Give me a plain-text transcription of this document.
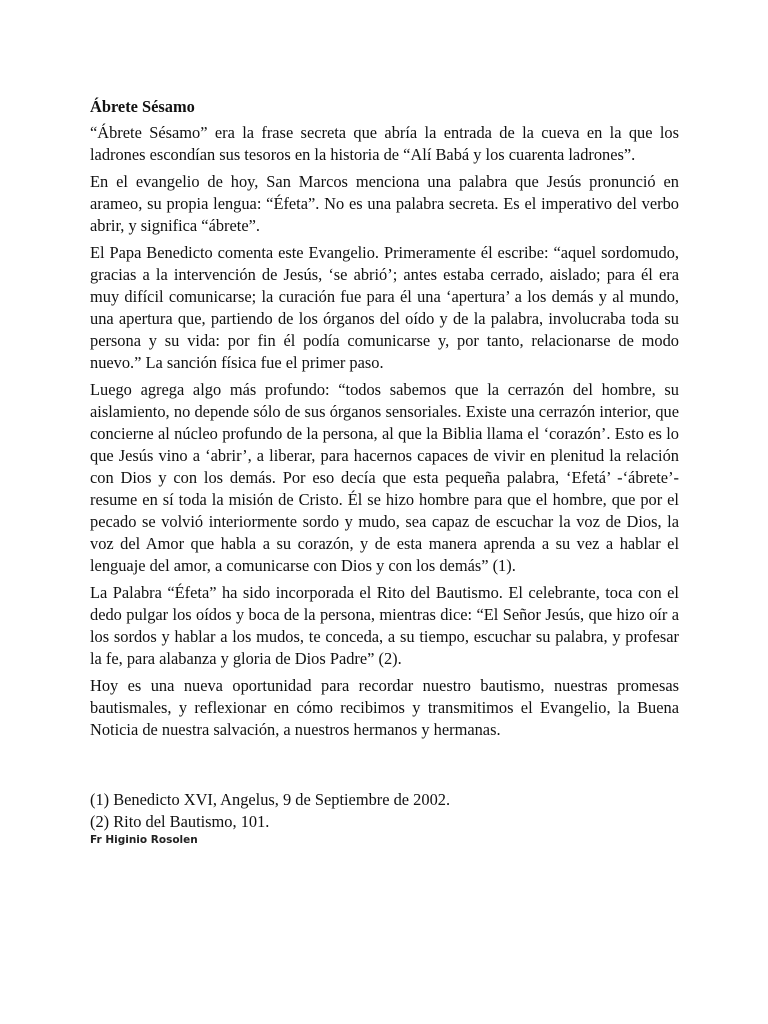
Ábrete Sésamo

“Ábrete Sésamo” era la frase secreta que abría la entrada de la cueva en la que los ladrones escondían sus tesoros en la historia de “Alí Babá y los cuarenta ladrones”.

En el evangelio de hoy, San Marcos menciona una palabra que Jesús pronunció en arameo, su propia lengua: “Éfeta”. No es una palabra secreta. Es el imperativo del verbo abrir, y significa “ábrete”.

El Papa Benedicto comenta este Evangelio. Primeramente él escribe: “aquel sordomudo, gracias a la intervención de Jesús, ‘se abrió’; antes estaba cerrado, aislado; para él era muy difícil comunicarse; la curación fue para él una ‘apertura’ a los demás y al mundo, una apertura que, partiendo de los órganos del oído y de la palabra, involucraba toda su persona y su vida: por fin él podía comunicarse y, por tanto, relacionarse de modo nuevo.” La sanción física fue el primer paso.

Luego agrega algo más profundo: “todos sabemos que la cerrazón del hombre, su aislamiento, no depende sólo de sus órganos sensoriales. Existe una cerrazón interior, que concierne al núcleo profundo de la persona, al que la Biblia llama el ‘corazón’. Esto es lo que Jesús vino a ‘abrir’, a liberar, para hacernos capaces de vivir en plenitud la relación con Dios y con los demás. Por eso decía que esta pequeña palabra, ‘Efetá’ -‘ábrete’- resume en sí toda la misión de Cristo. Él se hizo hombre para que el hombre, que por el pecado se volvió interiormente sordo y mudo, sea capaz de escuchar la voz de Dios, la voz del Amor que habla a su corazón, y de esta manera aprenda a su vez a hablar el lenguaje del amor, a comunicarse con Dios y con los demás” (1).

La Palabra “Éfeta” ha sido incorporada el Rito del Bautismo. El celebrante, toca con el dedo pulgar los oídos y boca de la persona, mientras dice: “El Señor Jesús, que hizo oír a los sordos y hablar a los mudos, te conceda, a su tiempo, escuchar su palabra, y profesar la fe, para alabanza y gloria de Dios Padre” (2).

Hoy es una nueva oportunidad para recordar nuestro bautismo, nuestras promesas bautismales, y reflexionar en cómo recibimos y transmitimos el Evangelio, la Buena Noticia de nuestra salvación, a nuestros hermanos y hermanas.

(1) Benedicto XVI, Angelus, 9 de Septiembre de 2002.

(2) Rito del Bautismo, 101.

Fr Higinio Rosolen
